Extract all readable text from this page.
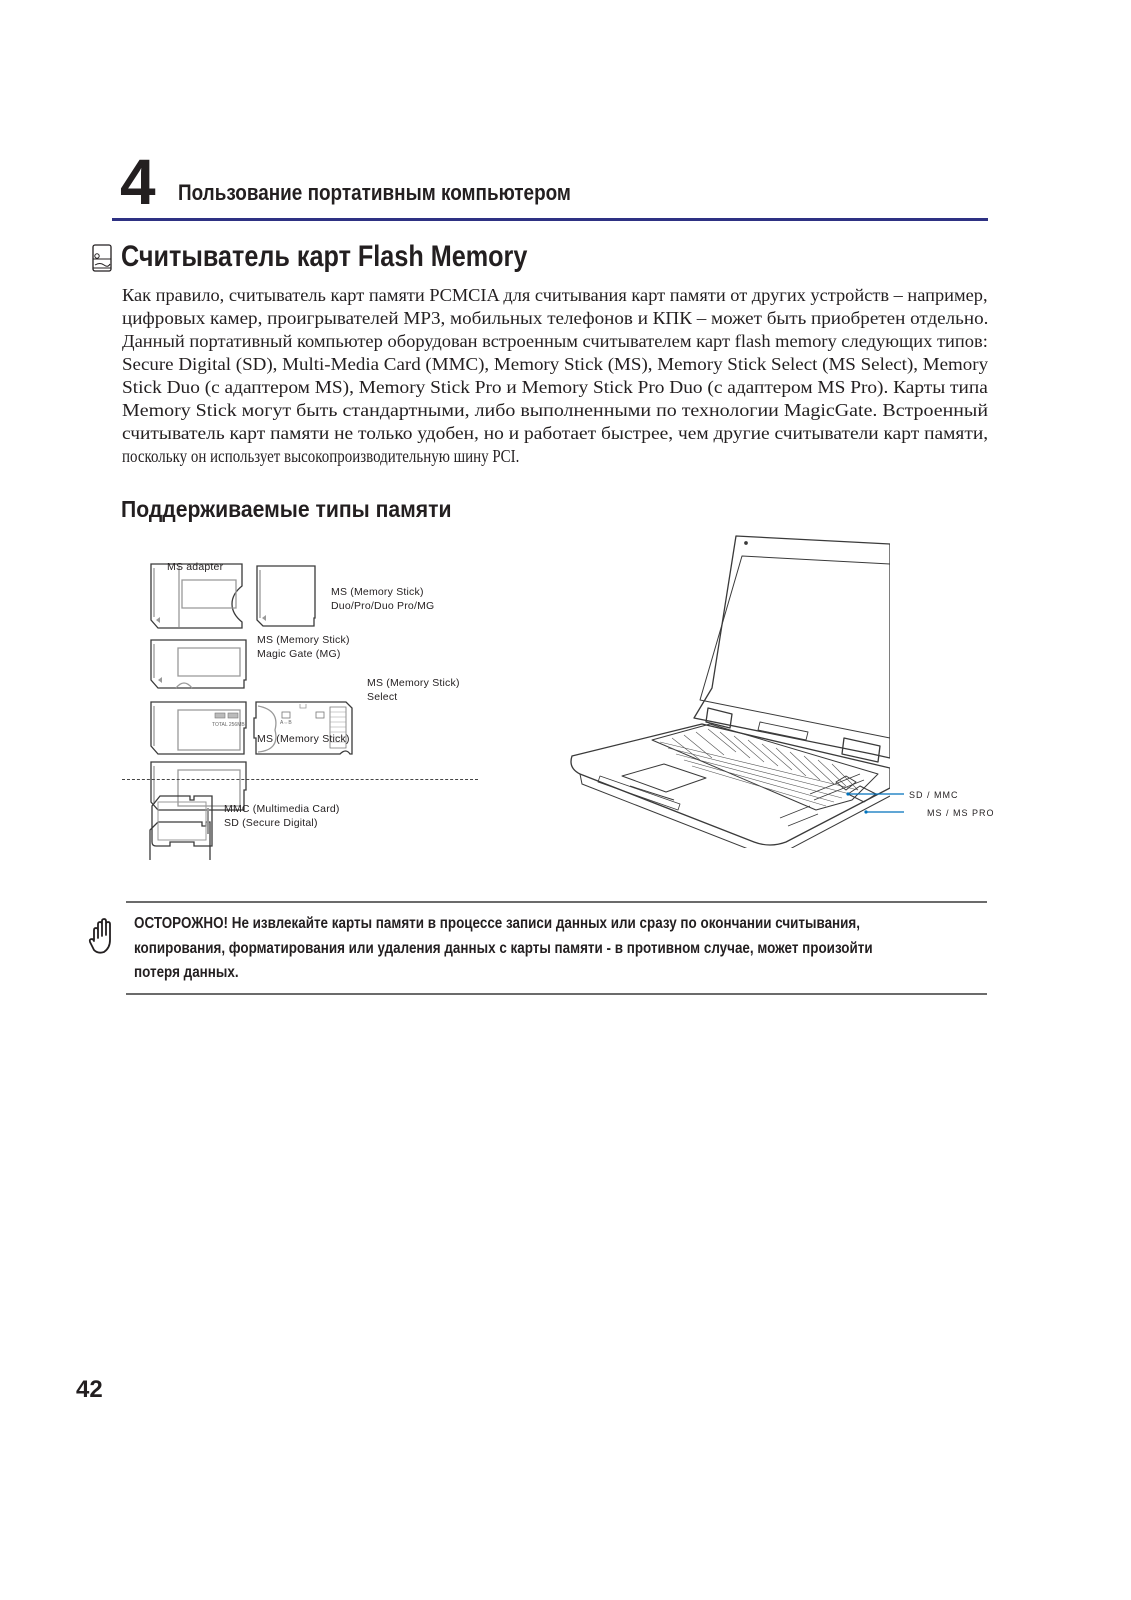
4 Пользование портативным компьютером
Считыватель карт Flash Memory
Как правило, считыватель карт памяти PCMCIA для считывания карт памяти от других устройств – например,
цифровых камер, проигрывателей MP3, мобильных телефонов и КПК – может быть приобретен отдельно.
Данный портативный компьютер оборудован встроенным считывателем карт flash memory следующих типов:
Secure Digital (SD), Multi-Media Card (MMC), Memory Stick (MS), Memory Stick Select (MS Select), Memory
Stick Duo (с адаптером MS), Memory Stick Pro и Memory Stick Pro Duo (с адаптером MS Pro). Карты типа
Memory Stick могут быть стандартными, либо выполненными по технологии MagicGate. Встроенный
считыватель карт памяти не только удобен, но и работает быстрее, чем другие считыватели карт памяти,
поскольку он использует высокопроизводительную шину PCI.
Поддерживаемые типы памяти
TOTAL 256MB	A⇔B
MS adapter
MS (Memory Stick)
Duo/Pro/Duo Pro/MG
MS (Memory Stick)
Magic Gate (MG)
MS (Memory Stick)
Select
MS (Memory Stick)
MMC (Multimedia Card)
SD (Secure Digital)
SD / MMC
MS / MS PRO
ОСТОРОЖНО! Не извлекайте карты памяти в процессе записи данных или сразу по окончании считывания,
копирования, форматирования или удаления данных с карты памяти - в противном случае, может произойти
потеря данных.
42
